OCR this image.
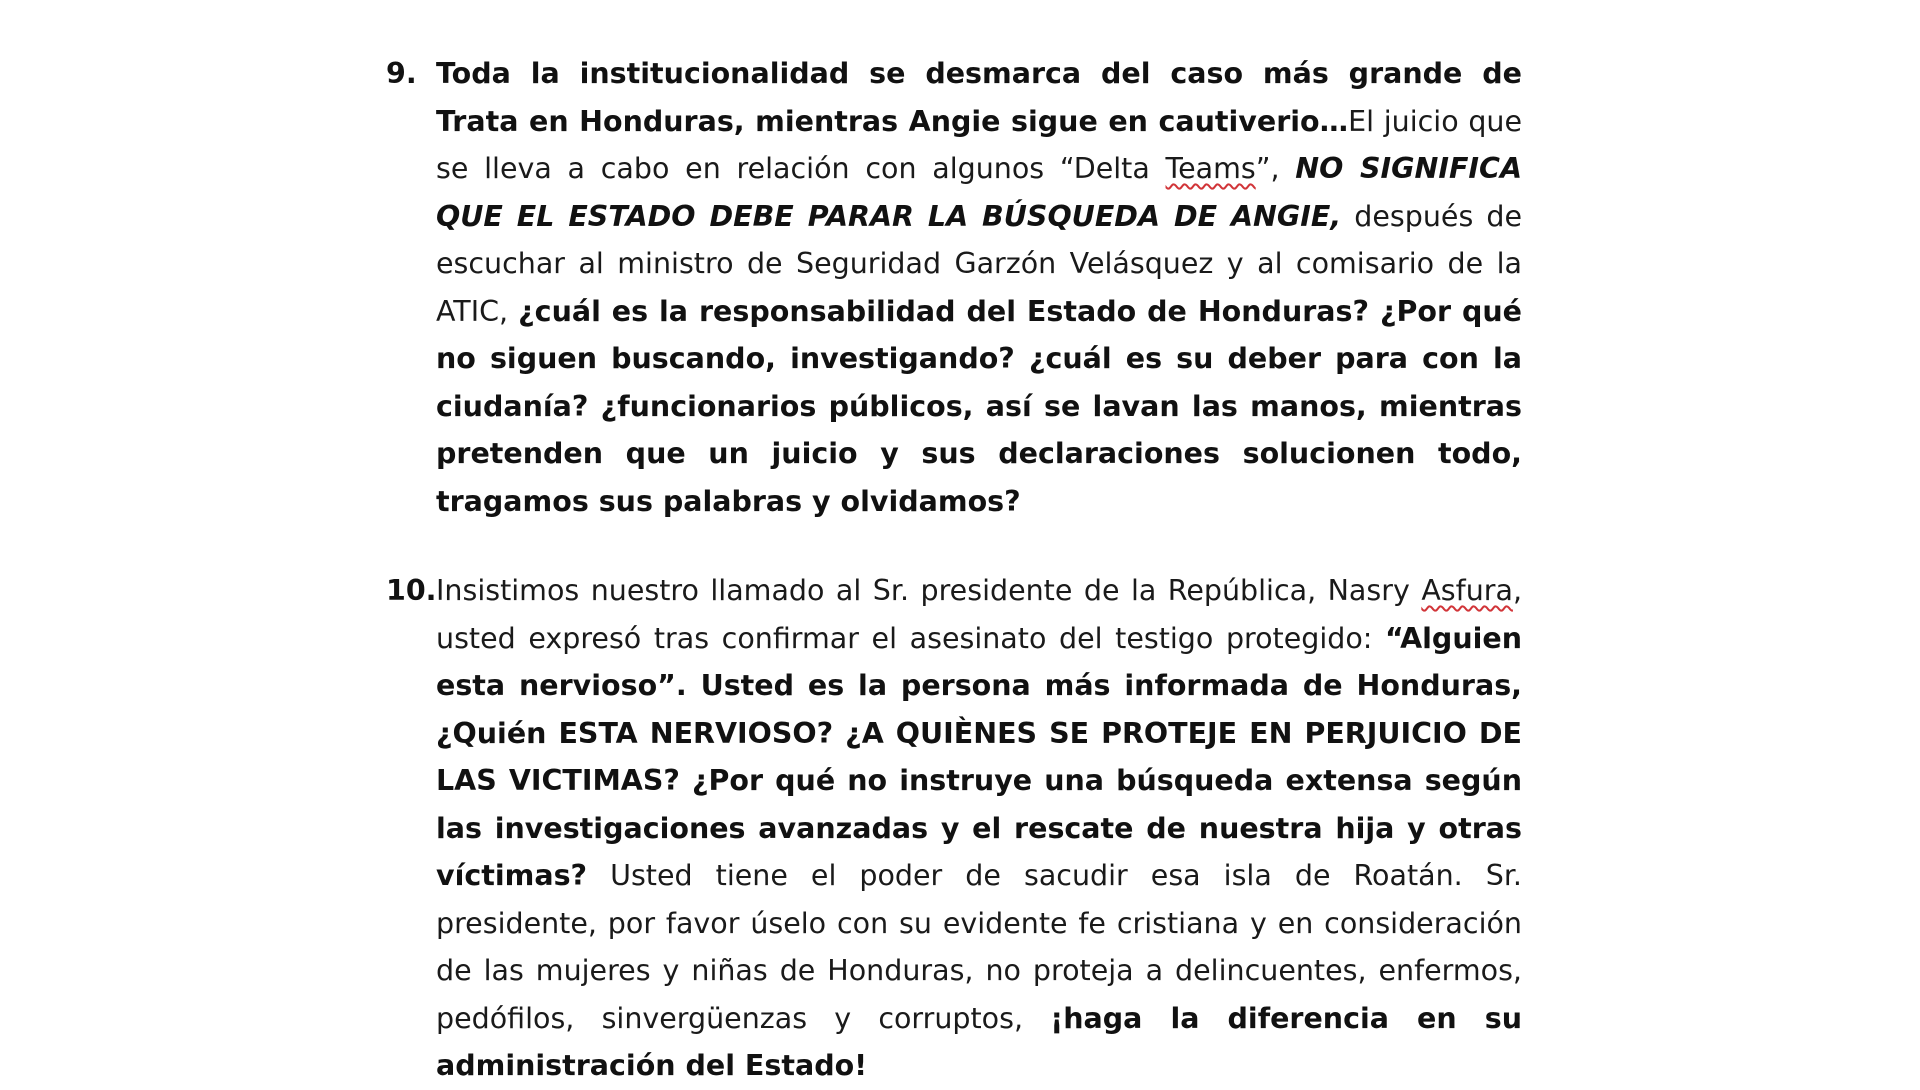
9. Toda la institucionalidad se desmarca del caso más grande de Trata en Honduras, mientras Angie sigue en cautiverio…El juicio que se lleva a cabo en relación con algunos “Delta Teams”, NO SIGNIFICA QUE EL ESTADO DEBE PARAR LA BÚSQUEDA DE ANGIE, después de escuchar al ministro de Seguridad Garzón Velásquez y al comisario de la ATIC, ¿cuál es la responsabilidad del Estado de Honduras? ¿Por qué no siguen buscando, investigando? ¿cuál es su deber para con la ciudanía? ¿funcionarios públicos, así se lavan las manos, mientras pretenden que un juicio y sus declaraciones solucionen todo, tragamos sus palabras y olvidamos?
10. Insistimos nuestro llamado al Sr. presidente de la República, Nasry Asfura, usted expresó tras confirmar el asesinato del testigo protegido: “Alguien esta nervioso”. Usted es la persona más informada de Honduras, ¿Quién ESTA NERVIOSO? ¿A QUIÈNES SE PROTEJE EN PERJUICIO DE LAS VICTIMAS? ¿Por qué no instruye una búsqueda extensa según las investigaciones avanzadas y el rescate de nuestra hija y otras víctimas? Usted tiene el poder de sacudir esa isla de Roatán. Sr. presidente, por favor úselo con su evidente fe cristiana y en consideración de las mujeres y niñas de Honduras, no proteja a delincuentes, enfermos, pedófilos, sinvergüenzas y corruptos, ¡haga la diferencia en su administración del Estado!
